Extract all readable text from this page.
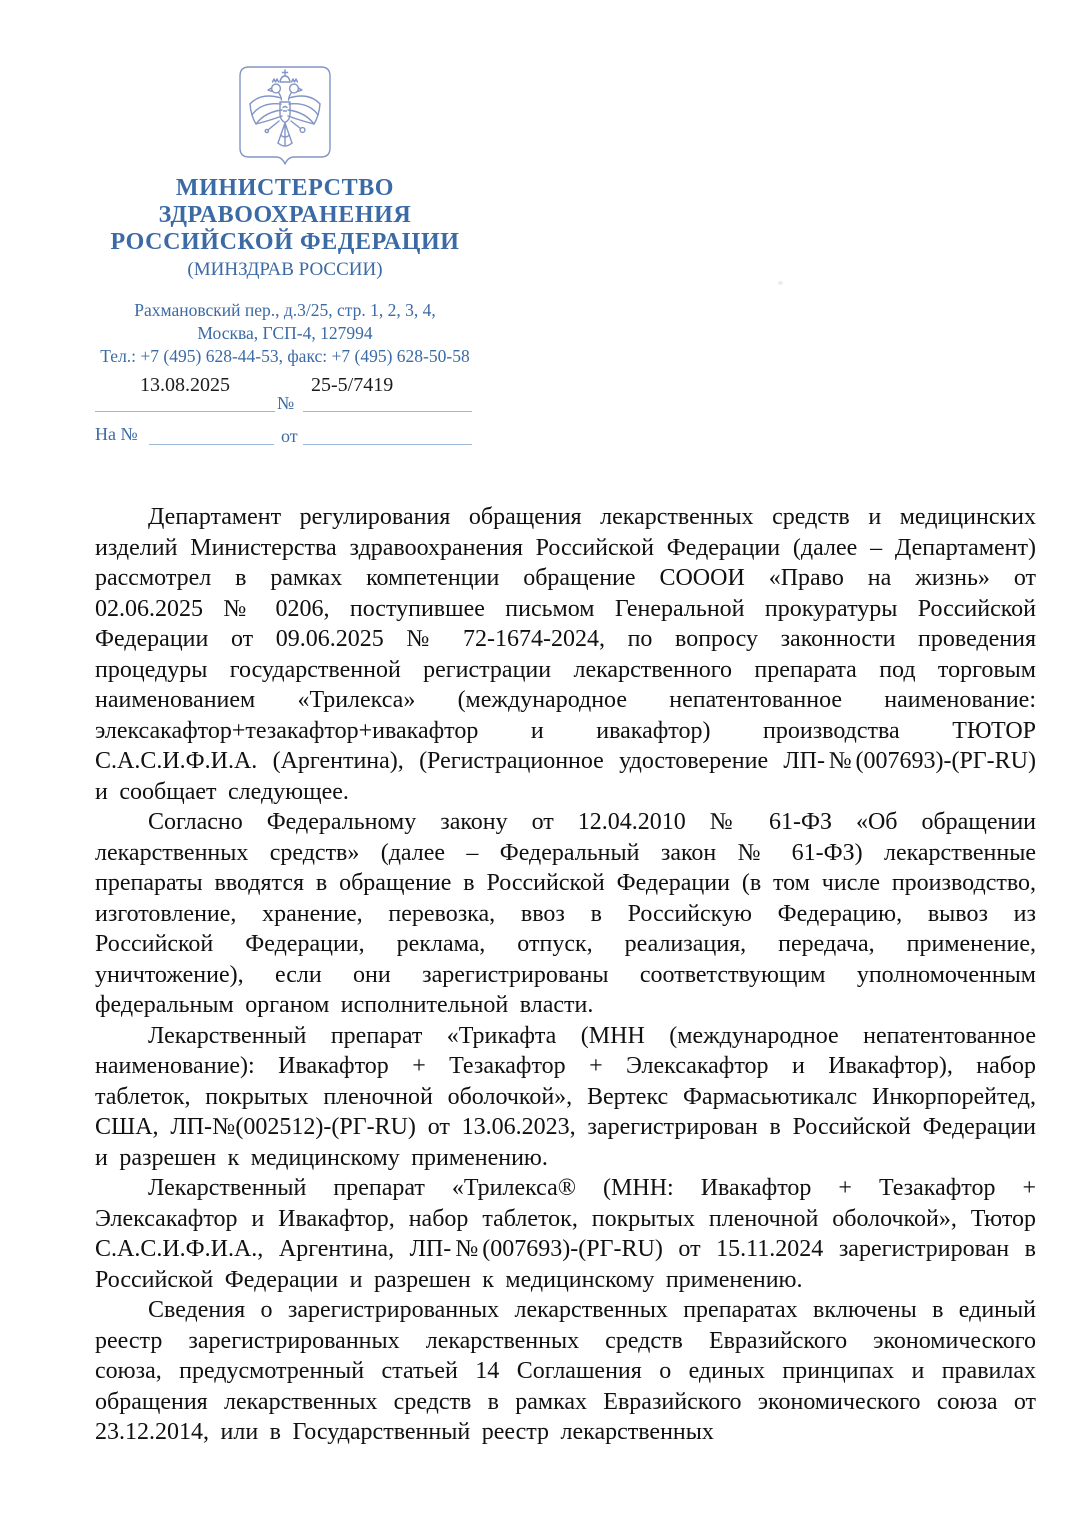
МИНИСТЕРСТВО
ЗДРАВООХРАНЕНИЯ
РОССИЙСКОЙ ФЕДЕРАЦИИ
(МИНЗДРАВ РОССИИ)
Рахмановский пер., д.3/25, стр. 1, 2, 3, 4,
Москва, ГСП-4, 127994
Тел.: +7 (495) 628-44-53, факс: +7 (495) 628-50-58
13.08.2025
№
25-5/7419
На №	от

Департамент регулирования обращения лекарственных средств и медицинских изделий Министерства здравоохранения Российской Федерации (далее – Департамент) рассмотрел в рамках компетенции обращение СОООИ «Право на жизнь» от 02.06.2025 № 0206, поступившее письмом Генеральной прокуратуры Российской Федерации от 09.06.2025 № 72-1674-2024, по вопросу законности проведения процедуры государственной регистрации лекарственного препарата под торговым наименованием «Трилекса» (международное непатентованное наименование: элексакафтор+тезакафтор+ивакафтор и ивакафтор) производства ТЮТОР С.А.С.И.Ф.И.А. (Аргентина), (Регистрационное удостоверение ЛП-№(007693)-(РГ-RU) и сообщает следующее.

Согласно Федеральному закону от 12.04.2010 № 61-ФЗ «Об обращении лекарственных средств» (далее – Федеральный закон № 61-ФЗ) лекарственные препараты вводятся в обращение в Российской Федерации (в том числе производство, изготовление, хранение, перевозка, ввоз в Российскую Федерацию, вывоз из Российской Федерации, реклама, отпуск, реализация, передача, применение, уничтожение), если они зарегистрированы соответствующим уполномоченным федеральным органом исполнительной власти.

Лекарственный препарат «Трикафта (МНН (международное непатентованное наименование): Ивакафтор + Тезакафтор + Элексакафтор и Ивакафтор), набор таблеток, покрытых пленочной оболочкой», Вертекс Фармасьютикалс Инкорпорейтед, США, ЛП-№(002512)-(РГ-RU) от 13.06.2023, зарегистрирован в Российской Федерации и разрешен к медицинскому применению.

Лекарственный препарат «Трилекса® (МНН: Ивакафтор + Тезакафтор + Элексакафтор и Ивакафтор, набор таблеток, покрытых пленочной оболочкой», Тютор С.А.С.И.Ф.И.А., Аргентина, ЛП-№(007693)-(РГ-RU) от 15.11.2024 зарегистрирован в Российской Федерации и разрешен к медицинскому применению.

Сведения о зарегистрированных лекарственных препаратах включены в единый реестр зарегистрированных лекарственных средств Евразийского экономического союза, предусмотренный статьей 14 Соглашения о единых принципах и правилах обращения лекарственных средств в рамках Евразийского экономического союза от 23.12.2014, или в Государственный реестр лекарственных
